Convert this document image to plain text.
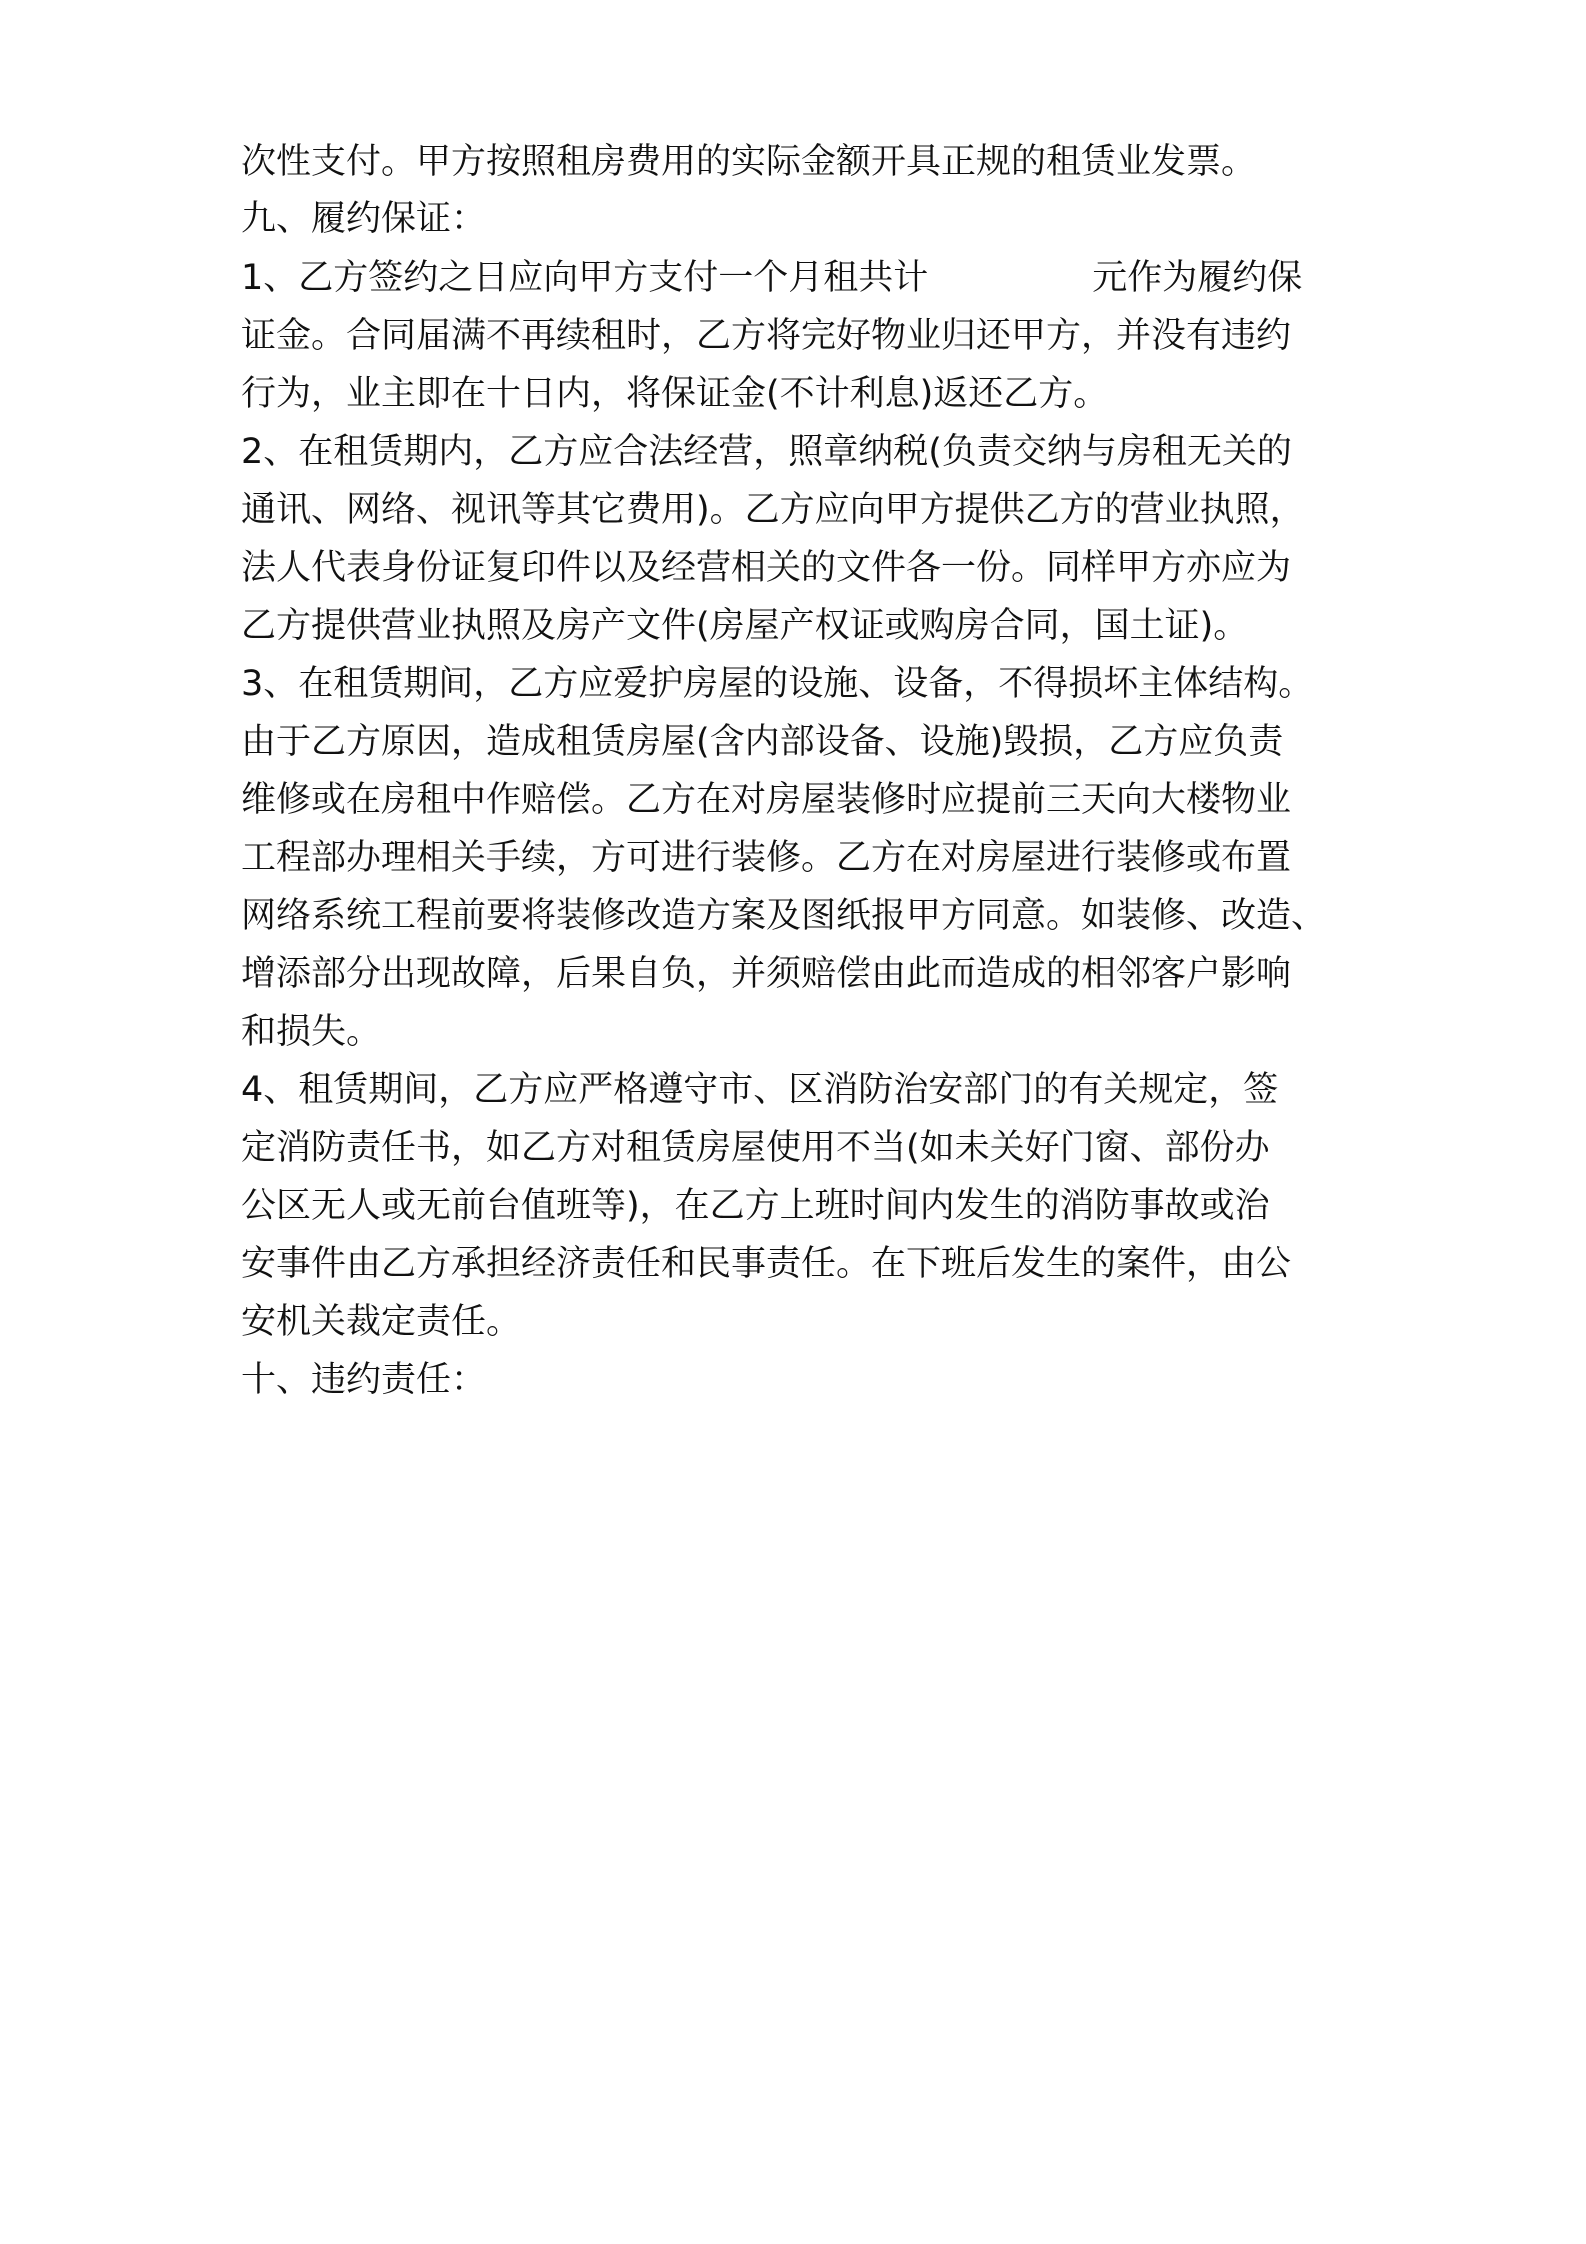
次性支付。甲方按照租房费用的实际金额开具正规的租赁业发票。
九、履约保证：
1、乙方签约之日应向甲方支付一个月租共计	元作为履约保
证金。合同届满不再续租时，乙方将完好物业归还甲方，并没有违约
行为，业主即在十日内，将保证金(不计利息)返还乙方。
2、在租赁期内，乙方应合法经营，照章纳税(负责交纳与房租无关的
通讯、网络、视讯等其它费用)。乙方应向甲方提供乙方的营业执照，
法人代表身份证复印件以及经营相关的文件各一份。同样甲方亦应为
乙方提供营业执照及房产文件(房屋产权证或购房合同，国土证)。
3、在租赁期间，乙方应爱护房屋的设施、设备，不得损坏主体结构。
由于乙方原因，造成租赁房屋(含内部设备、设施)毁损，乙方应负责
维修或在房租中作赔偿。乙方在对房屋装修时应提前三天向大楼物业
工程部办理相关手续，方可进行装修。乙方在对房屋进行装修或布置
网络系统工程前要将装修改造方案及图纸报甲方同意。如装修、改造、
增添部分出现故障，后果自负，并须赔偿由此而造成的相邻客户影响
和损失。
4、租赁期间，乙方应严格遵守市、区消防治安部门的有关规定，签
定消防责任书，如乙方对租赁房屋使用不当(如未关好门窗、部份办
公区无人或无前台值班等)，在乙方上班时间内发生的消防事故或治
安事件由乙方承担经济责任和民事责任。在下班后发生的案件，由公
安机关裁定责任。
十、违约责任：
